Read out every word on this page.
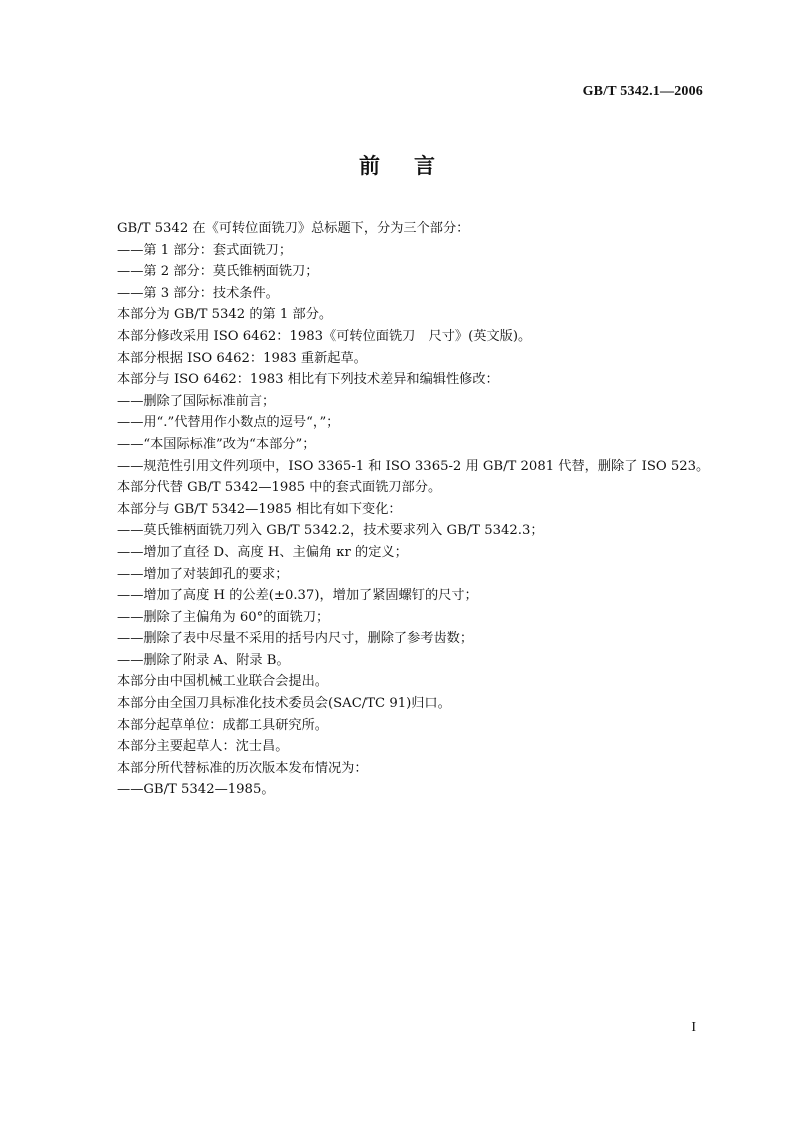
GB/T 5342.1—2006
前言
GB/T 5342 在《可转位面铣刀》总标题下，分为三个部分：
——第 1 部分：套式面铣刀；
——第 2 部分：莫氏锥柄面铣刀；
——第 3 部分：技术条件。
本部分为 GB/T 5342 的第 1 部分。
本部分修改采用 ISO 6462：1983《可转位面铣刀　尺寸》(英文版)。
本部分根据 ISO 6462：1983 重新起草。
本部分与 ISO 6462：1983 相比有下列技术差异和编辑性修改：
——删除了国际标准前言；
——用“.”代替用作小数点的逗号“，”；
——“本国际标准”改为“本部分”；
——规范性引用文件列项中，ISO 3365-1 和 ISO 3365-2 用 GB/T 2081 代替，删除了 ISO 523。
本部分代替 GB/T 5342—1985 中的套式面铣刀部分。
本部分与 GB/T 5342—1985 相比有如下变化：
——莫氏锥柄面铣刀列入 GB/T 5342.2，技术要求列入 GB/T 5342.3；
——增加了直径 D、高度 H、主偏角 κr 的定义；
——增加了对装卸孔的要求；
——增加了高度 H 的公差(±0.37)，增加了紧固螺钉的尺寸；
——删除了主偏角为 60°的面铣刀；
——删除了表中尽量不采用的括号内尺寸，删除了参考齿数；
——删除了附录 A、附录 B。
本部分由中国机械工业联合会提出。
本部分由全国刀具标准化技术委员会(SAC/TC 91)归口。
本部分起草单位：成都工具研究所。
本部分主要起草人：沈士昌。
本部分所代替标准的历次版本发布情况为：
——GB/T 5342—1985。
I
